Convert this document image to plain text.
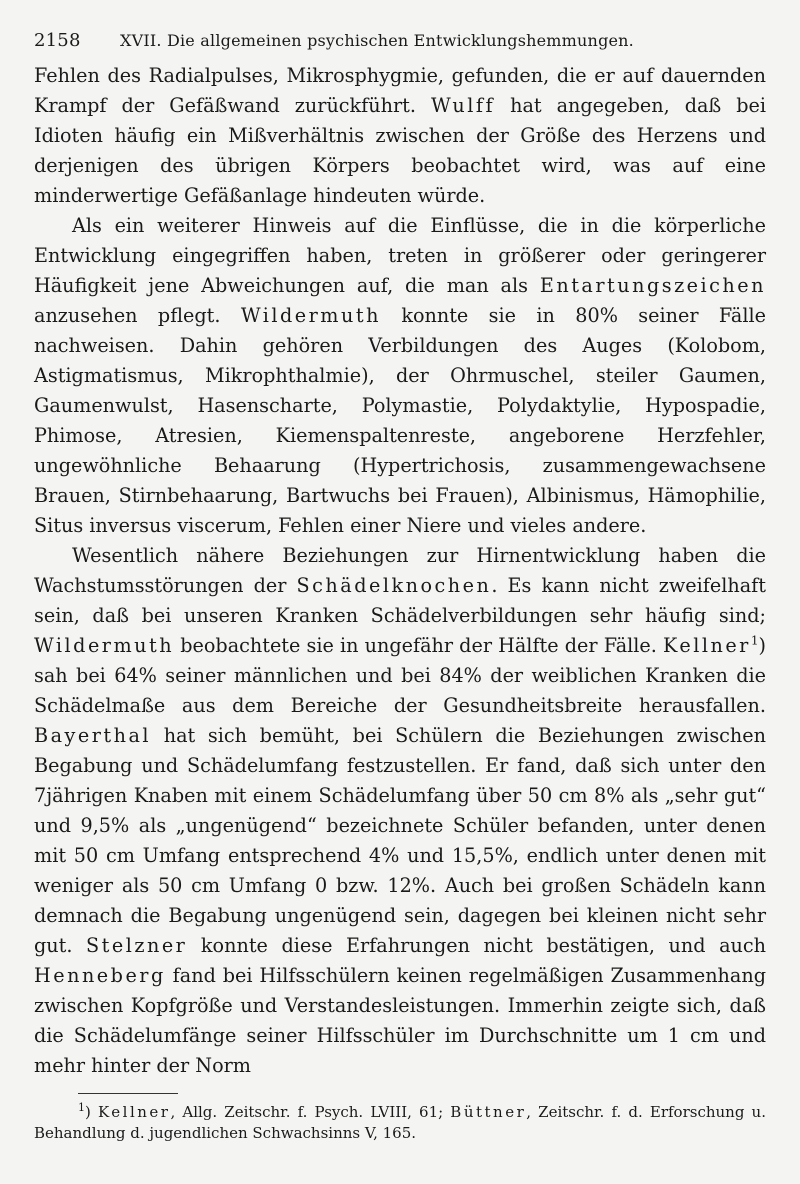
2158	XVII. Die allgemeinen psychischen Entwicklungshemmungen.

Fehlen des Radialpulses, Mikrosphygmie, gefunden, die er auf dauernden Krampf der Gefäßwand zurückführt. Wulff hat angegeben, daß bei Idioten häufig ein Mißverhältnis zwischen der Größe des Herzens und derjenigen des übrigen Körpers beobachtet wird, was auf eine minderwertige Gefäßanlage hindeuten würde.

Als ein weiterer Hinweis auf die Einflüsse, die in die körperliche Entwicklung eingegriffen haben, treten in größerer oder geringerer Häufigkeit jene Abweichungen auf, die man als Entartungszeichen anzusehen pflegt. Wildermuth konnte sie in 80% seiner Fälle nachweisen. Dahin gehören Verbildungen des Auges (Kolobom, Astigmatismus, Mikrophthalmie), der Ohrmuschel, steiler Gaumen, Gaumenwulst, Hasenscharte, Polymastie, Polydaktylie, Hypospadie, Phimose, Atresien, Kiemenspaltenreste, angeborene Herzfehler, ungewöhnliche Behaarung (Hypertrichosis, zusammengewachsene Brauen, Stirnbehaarung, Bartwuchs bei Frauen), Albinismus, Hämophilie, Situs inversus viscerum, Fehlen einer Niere und vieles andere.

Wesentlich nähere Beziehungen zur Hirnentwicklung haben die Wachstumsstörungen der Schädelknochen. Es kann nicht zweifelhaft sein, daß bei unseren Kranken Schädelverbildungen sehr häufig sind; Wildermuth beobachtete sie in ungefähr der Hälfte der Fälle. Kellner$^1$) sah bei 64% seiner männlichen und bei 84% der weiblichen Kranken die Schädelmaße aus dem Bereiche der Gesundheitsbreite herausfallen. Bayerthal hat sich bemüht, bei Schülern die Beziehungen zwischen Begabung und Schädelumfang festzustellen. Er fand, daß sich unter den 7jährigen Knaben mit einem Schädelumfang über 50 cm 8% als „sehr gut“ und 9,5% als „ungenügend“ bezeichnete Schüler befanden, unter denen mit 50 cm Umfang entsprechend 4% und 15,5%, endlich unter denen mit weniger als 50 cm Umfang 0 bzw. 12%. Auch bei großen Schädeln kann demnach die Begabung ungenügend sein, dagegen bei kleinen nicht sehr gut. Stelzner konnte diese Erfahrungen nicht bestätigen, und auch Henneberg fand bei Hilfsschülern keinen regelmäßigen Zusammenhang zwischen Kopfgröße und Verstandesleistungen. Immerhin zeigte sich, daß die Schädelumfänge seiner Hilfsschüler im Durchschnitte um 1 cm und mehr hinter der Norm

$^1$) Kellner, Allg. Zeitschr. f. Psych. LVIII, 61; Büttner, Zeitschr. f. d. Erforschung u. Behandlung d. jugendlichen Schwachsinns V, 165.
